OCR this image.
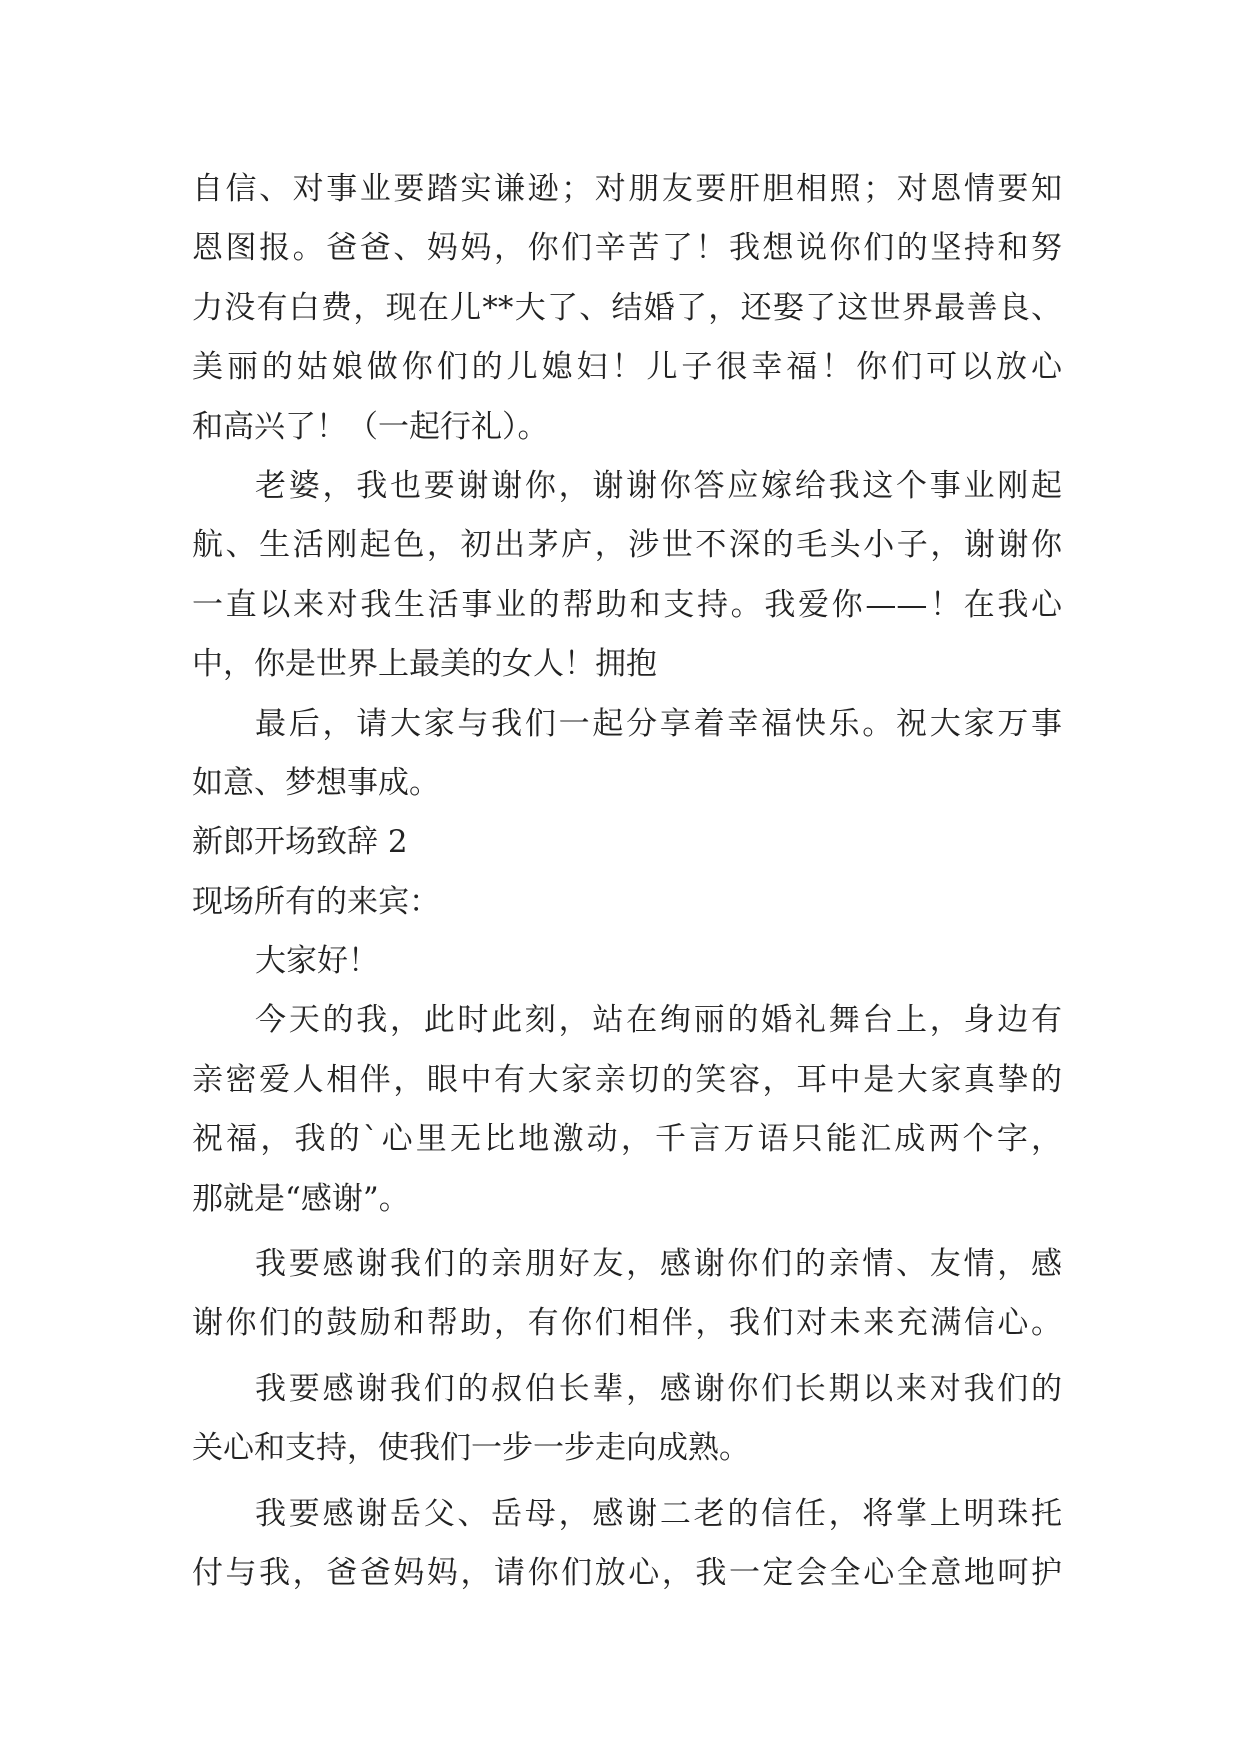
自信、对事业要踏实谦逊；对朋友要肝胆相照；对恩情要知
恩图报。爸爸、妈妈，你们辛苦了！我想说你们的坚持和努
力没有白费，现在儿**大了、结婚了，还娶了这世界最善良、
美丽的姑娘做你们的儿媳妇！儿子很幸福！你们可以放心
和高兴了！（一起行礼）。
老婆，我也要谢谢你，谢谢你答应嫁给我这个事业刚起
航、生活刚起色，初出茅庐，涉世不深的毛头小子，谢谢你
一直以来对我生活事业的帮助和支持。我爱你——！在我心
中，你是世界上最美的女人！拥抱
最后，请大家与我们一起分享着幸福快乐。祝大家万事
如意、梦想事成。
新郎开场致辞 2
现场所有的来宾：
大家好！
今天的我，此时此刻，站在绚丽的婚礼舞台上，身边有
亲密爱人相伴，眼中有大家亲切的笑容，耳中是大家真挚的
祝福，我的`心里无比地激动，千言万语只能汇成两个字，
那就是“感谢”。
我要感谢我们的亲朋好友，感谢你们的亲情、友情，感
谢你们的鼓励和帮助，有你们相伴，我们对未来充满信心。
我要感谢我们的叔伯长辈，感谢你们长期以来对我们的
关心和支持，使我们一步一步走向成熟。
我要感谢岳父、岳母，感谢二老的信任，将掌上明珠托
付与我，爸爸妈妈，请你们放心，我一定会全心全意地呵护
